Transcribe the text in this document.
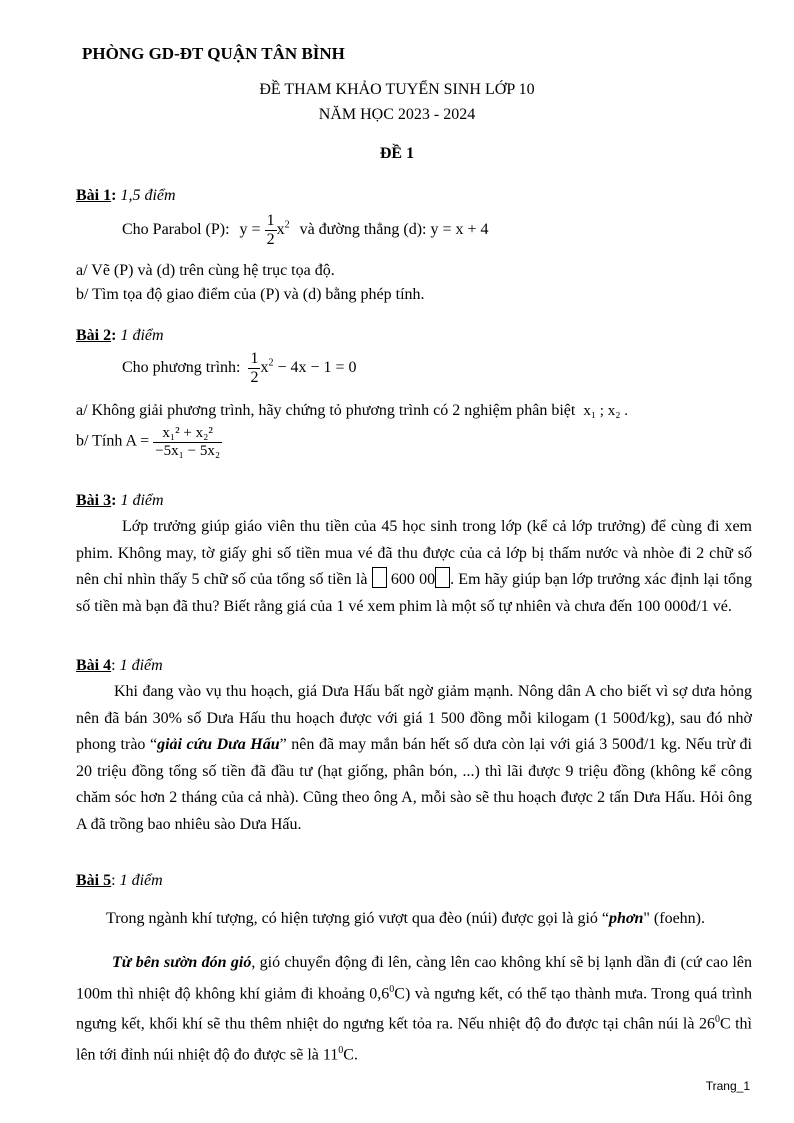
PHÒNG GD-ĐT QUẬN TÂN BÌNH
ĐỀ THAM KHẢO TUYỂN SINH LỚP 10
NĂM HỌC 2023 - 2024
ĐỀ 1
Bài 1: 1,5 điểm
Cho Parabol (P): $y = \frac{1}{2} x^2$ và đường thẳng (d): y = x + 4
a/ Vẽ (P) và (d) trên cùng hệ trục tọa độ.
b/ Tìm tọa độ giao điểm của (P) và (d) bằng phép tính.
Bài 2: 1 điểm
Cho phương trình: $\frac{1}{2} x^2 - 4x - 1 = 0$
a/ Không giải phương trình, hãy chứng tỏ phương trình có 2 nghiệm phân biệt x₁ ; x₂ .
b/ Tính $A = \frac{\text{x₁² + x₂²}}{\text{−5x₁ − 5x₂}}$
Bài 3: 1 điểm
Lớp trưởng giúp giáo viên thu tiền của 45 học sinh trong lớp (kể cả lớp trưởng) để cùng đi xem phim. Không may, tờ giấy ghi số tiền mua vé đã thu được của cả lớp bị thấm nước và nhòe đi 2 chữ số nên chỉ nhìn thấy 5 chữ số của tổng số tiền là 600 00 . Em hãy giúp bạn lớp trưởng xác định lại tổng số tiền mà bạn đã thu? Biết rằng giá của 1 vé xem phim là một số tự nhiên và chưa đến 100 000đ/1 vé.
Bài 4: 1 điểm
Khi đang vào vụ thu hoạch, giá Dưa Hấu bất ngờ giảm mạnh. Nông dân A cho biết vì sợ dưa hỏng nên đã bán 30% số Dưa Hấu thu hoạch được với giá 1 500 đồng mỗi kilogam (1 500đ/kg), sau đó nhờ phong trào “giải cứu Dưa Hấu” nên đã may mắn bán hết số dưa còn lại với giá 3 500đ/1 kg. Nếu trừ đi 20 triệu đồng tổng số tiền đã đầu tư (hạt giống, phân bón, ...) thì lãi được 9 triệu đồng (không kể công chăm sóc hơn 2 tháng của cả nhà). Cũng theo ông A, mỗi sào sẽ thu hoạch được 2 tấn Dưa Hấu. Hỏi ông A đã trồng bao nhiêu sào Dưa Hấu.
Bài 5: 1 điểm
Trong ngành khí tượng, có hiện tượng gió vượt qua đèo (núi) được gọi là gió “phơn" (foehn).
Từ bên sườn đón gió, gió chuyển động đi lên, càng lên cao không khí sẽ bị lạnh dần đi (cứ cao lên 100m thì nhiệt độ không khí giảm đi khoảng $0,6^0C$) và ngưng kết, có thể tạo thành mưa. Trong quá trình ngưng kết, khối khí sẽ thu thêm nhiệt do ngưng kết tỏa ra. Nếu nhiệt độ đo được tại chân núi là $26^0C$ thì lên tới đỉnh núi nhiệt độ đo được sẽ là $11^0C$.
Trang_1
